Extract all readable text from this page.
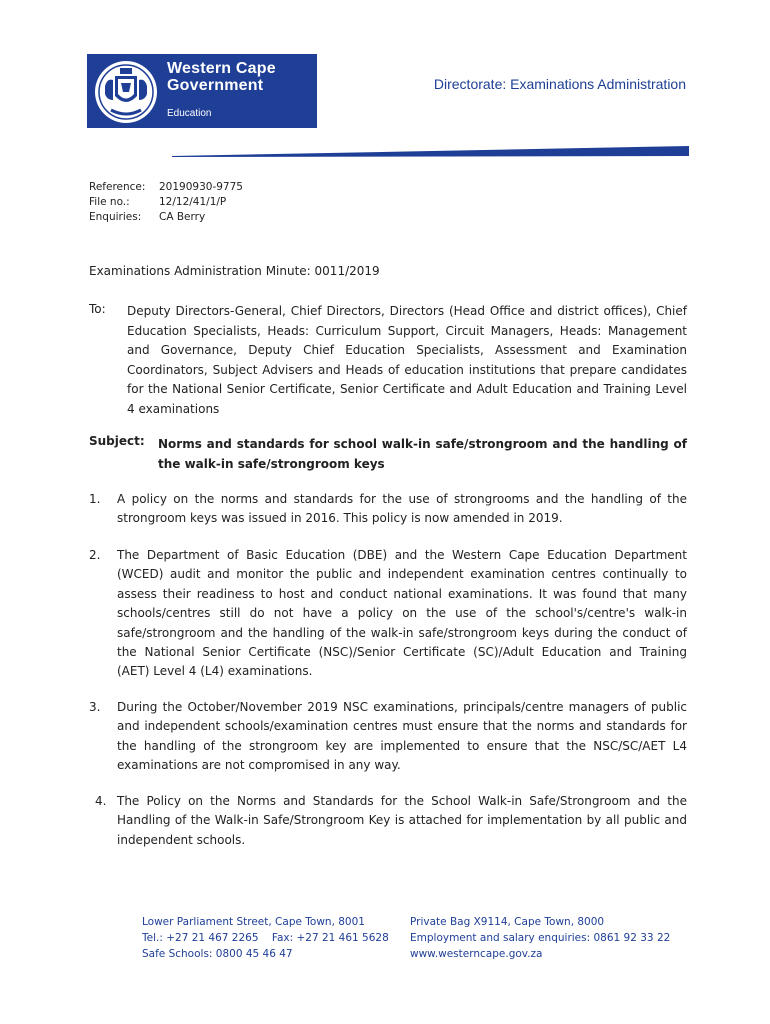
Western Cape
Government
Education
Directorate: Examinations Administration
Reference:	20190930-9775
File no.:	12/12/41/1/P
Enquiries:	CA Berry
Examinations Administration Minute: 0011/2019
To: Deputy Directors-General, Chief Directors, Directors (Head Office and district offices), Chief Education Specialists, Heads: Curriculum Support, Circuit Managers, Heads: Management and Governance, Deputy Chief Education Specialists, Assessment and Examination Coordinators, Subject Advisers and Heads of education institutions that prepare candidates for the National Senior Certificate, Senior Certificate and Adult Education and Training Level 4 examinations
Subject: Norms and standards for school walk-in safe/strongroom and the handling of the walk-in safe/strongroom keys
1. A policy on the norms and standards for the use of strongrooms and the handling of the strongroom keys was issued in 2016. This policy is now amended in 2019.
2. The Department of Basic Education (DBE) and the Western Cape Education Department (WCED) audit and monitor the public and independent examination centres continually to assess their readiness to host and conduct national examinations. It was found that many schools/centres still do not have a policy on the use of the school's/centre's walk-in safe/strongroom and the handling of the walk-in safe/strongroom keys during the conduct of the National Senior Certificate (NSC)/Senior Certificate (SC)/Adult Education and Training (AET) Level 4 (L4) examinations.
3. During the October/November 2019 NSC examinations, principals/centre managers of public and independent schools/examination centres must ensure that the norms and standards for the handling of the strongroom key are implemented to ensure that the NSC/SC/AET L4 examinations are not compromised in any way.
4. The Policy on the Norms and Standards for the School Walk-in Safe/Strongroom and the Handling of the Walk-in Safe/Strongroom Key is attached for implementation by all public and independent schools.
Lower Parliament Street, Cape Town, 8001
Tel.: +27 21 467 2265    Fax: +27 21 461 5628
Safe Schools: 0800 45 46 47
Private Bag X9114, Cape Town, 8000
Employment and salary enquiries: 0861 92 33 22
www.westerncape.gov.za
